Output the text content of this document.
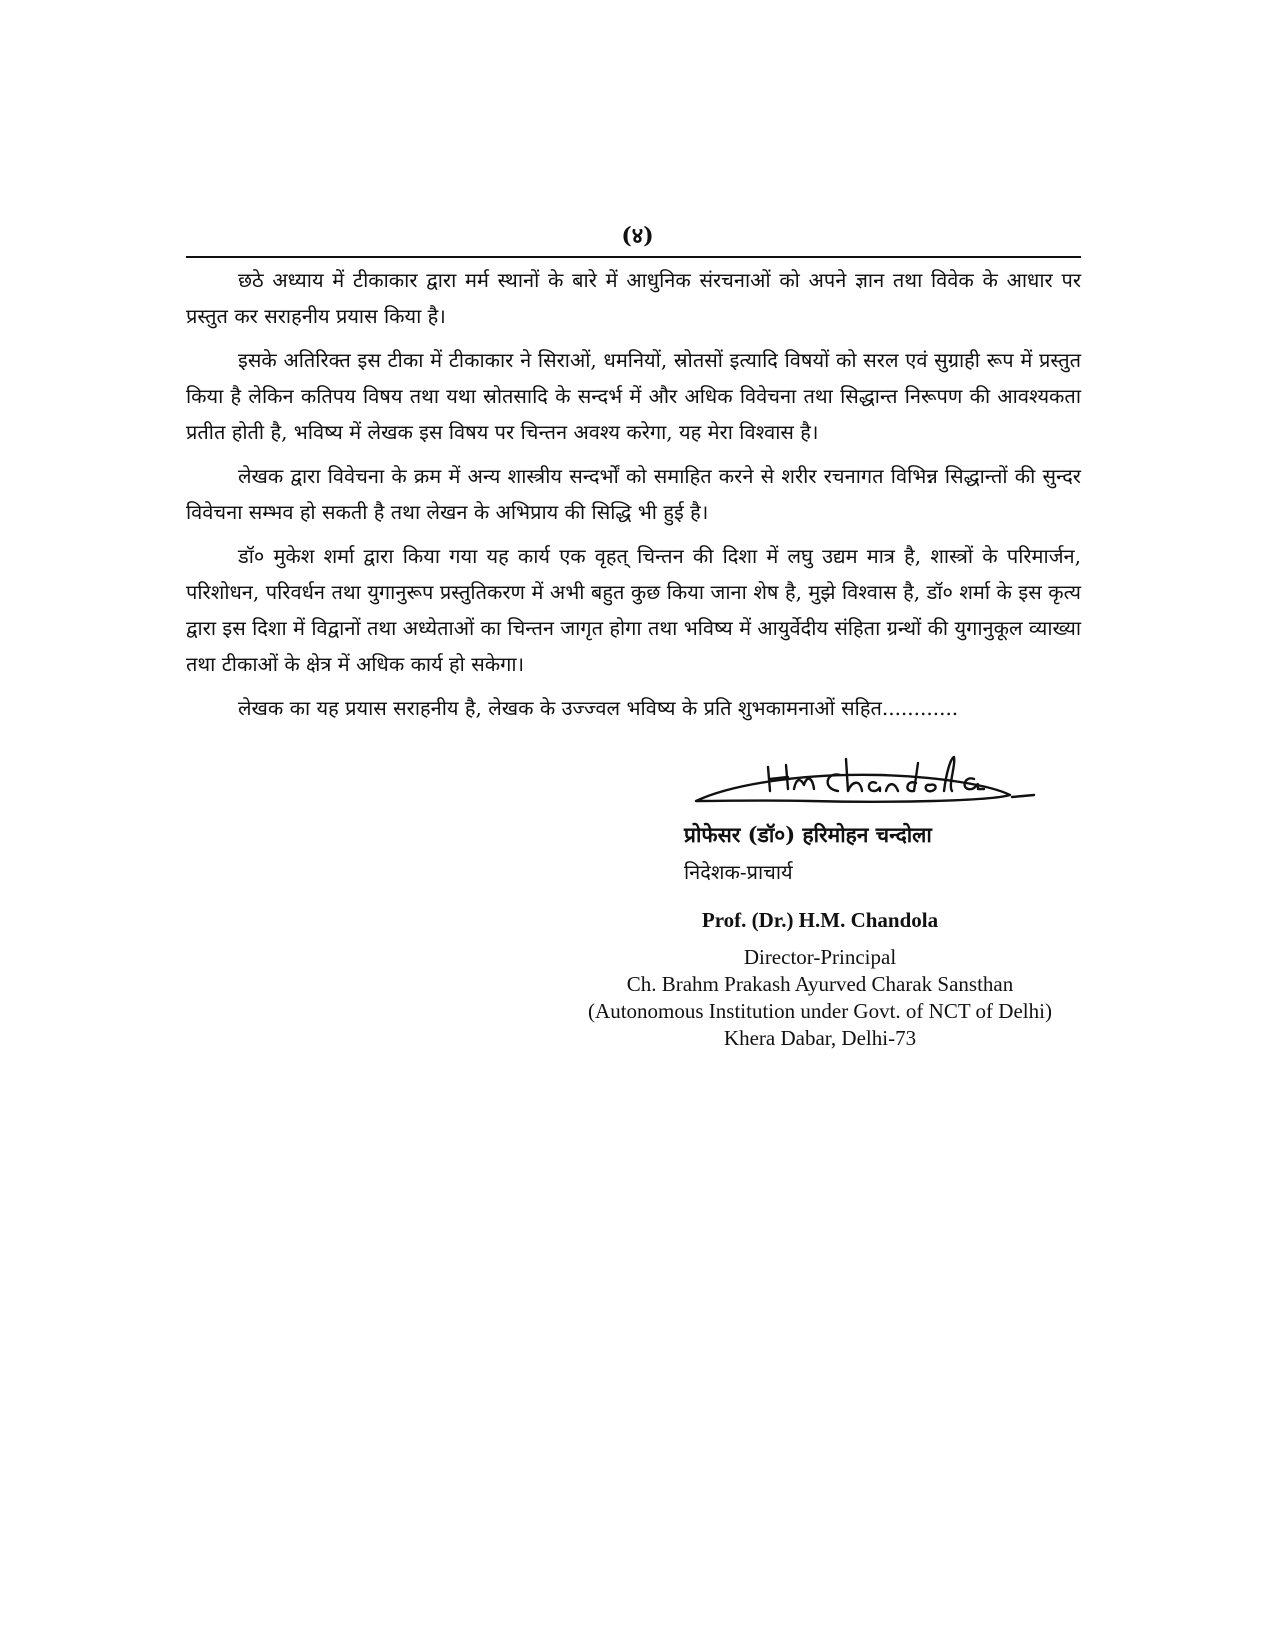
(४)

छठे अध्याय में टीकाकार द्वारा मर्म स्थानों के बारे में आधुनिक संरचनाओं को अपने ज्ञान तथा विवेक के आधार पर प्रस्तुत कर सराहनीय प्रयास किया है।

इसके अतिरिक्त इस टीका में टीकाकार ने सिराओं, धमनियों, स्रोतसों इत्यादि विषयों को सरल एवं सुग्राही रूप में प्रस्तुत किया है लेकिन कतिपय विषय तथा यथा स्रोतसादि के सन्दर्भ में और अधिक विवेचना तथा सिद्धान्त निरूपण की आवश्यकता प्रतीत होती है, भविष्य में लेखक इस विषय पर चिन्तन अवश्य करेगा, यह मेरा विश्वास है।

लेखक द्वारा विवेचना के क्रम में अन्य शास्त्रीय सन्दर्भों को समाहित करने से शरीर रचनागत विभिन्न सिद्धान्तों की सुन्दर विवेचना सम्भव हो सकती है तथा लेखन के अभिप्राय की सिद्धि भी हुई है।

डॉ० मुकेश शर्मा द्वारा किया गया यह कार्य एक वृहत् चिन्तन की दिशा में लघु उद्यम मात्र है, शास्त्रों के परिमार्जन, परिशोधन, परिवर्धन तथा युगानुरूप प्रस्तुतिकरण में अभी बहुत कुछ किया जाना शेष है, मुझे विश्वास है, डॉ० शर्मा के इस कृत्य द्वारा इस दिशा में विद्वानों तथा अध्येताओं का चिन्तन जागृत होगा तथा भविष्य में आयुर्वेदीय संहिता ग्रन्थों की युगानुकूल व्याख्या तथा टीकाओं के क्षेत्र में अधिक कार्य हो सकेगा।

लेखक का यह प्रयास सराहनीय है, लेखक के उज्ज्वल भविष्य के प्रति शुभकामनाओं सहित............

प्रोफेसर (डॉ०) हरिमोहन चन्दोला
निदेशक-प्राचार्य
Prof. (Dr.) H.M. Chandola
Director-Principal
Ch. Brahm Prakash Ayurved Charak Sansthan
(Autonomous Institution under Govt. of NCT of Delhi)
Khera Dabar, Delhi-73
